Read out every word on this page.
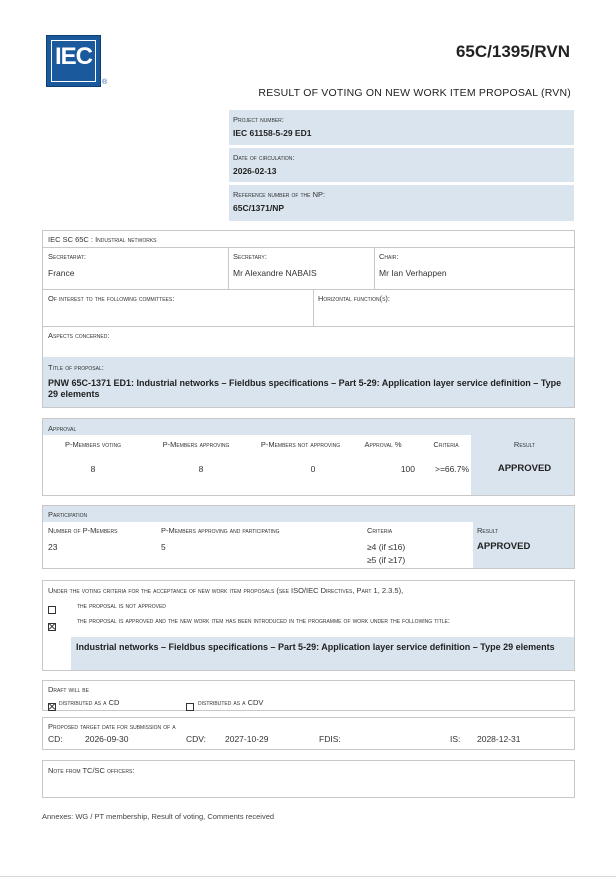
IEC
®
65C/1395/RVN
RESULT OF VOTING ON NEW WORK ITEM PROPOSAL (RVN)
Project number:
IEC 61158-5-29 ED1
Date of circulation:
2026-02-13
Reference number of the NP:
65C/1371/NP
IEC SC 65C : Industrial networks
Secretariat:
France
Secretary:
Mr Alexandre NABAIS
Chair:
Mr Ian Verhappen
Of interest to the following committees:	Horizontal function(s):
Aspects concerned:
Title of proposal:
PNW 65C-1371 ED1: Industrial networks – Fieldbus specifications – Part 5-29: Application layer service definition – Type 29 elements
Approval
P-Members voting	P-Members approving	P-Members not approving	Approval %	Criteria	Result
8	8	0	100 >=66.7%	APPROVED
Participation
Number of P-Members	P-Members approving and participating	Criteria	Result
23	5	≥4 (if ≤16)
≥5 (if ≥17)
APPROVED
Under the voting criteria for the acceptance of new work item proposals (see ISO/IEC Directives, Part 1, 2.3.5),
the proposal is not approved
the proposal is approved and the new work item has been introduced in the programme of work under the following title:
Industrial networks – Fieldbus specifications – Part 5-29: Application layer service definition – Type 29 elements
Draft will be
distributed as a CD	distributed as a CDV
Proposed target date for submission of a
CD:	2026-09-30	CDV: 2027-10-29	FDIS:	IS: 2028-12-31
Note from TC/SC officers:
Annexes: WG / PT membership, Result of voting, Comments received
